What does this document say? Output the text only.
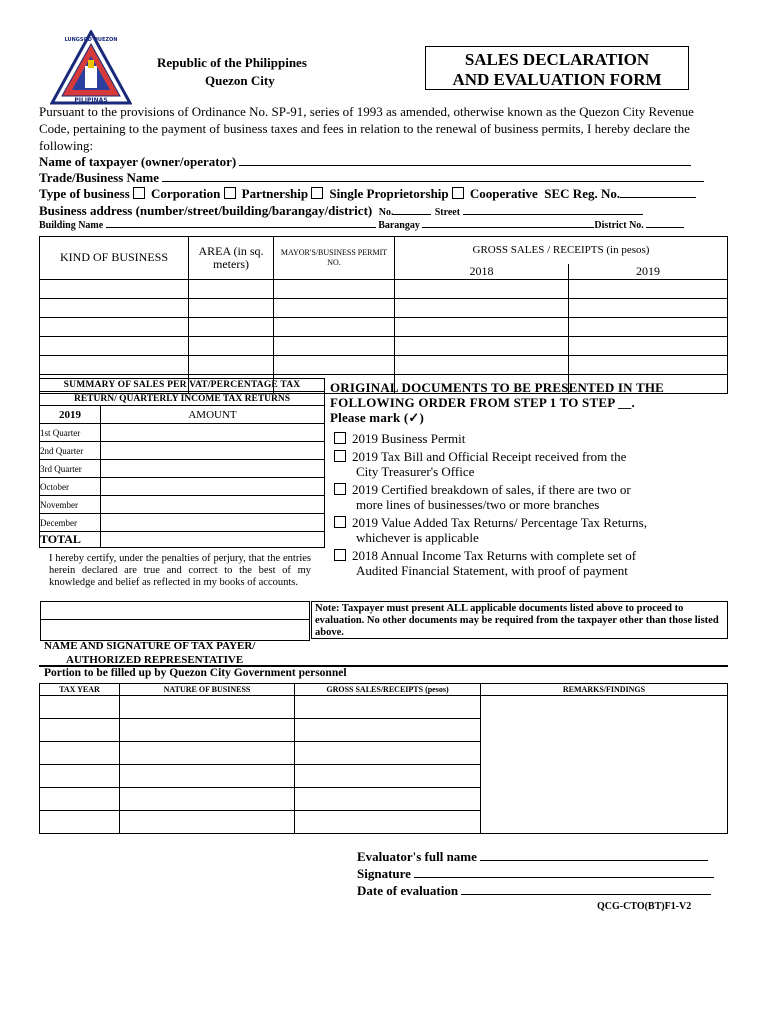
PILIPINAS
LUNGSOD QUEZON
Republic of the Philippines
Quezon City
SALES DECLARATION
AND EVALUATION FORM
Pursuant to the provisions of Ordinance No. SP-91, series of 1993 as amended, otherwise known as the Quezon City Revenue Code, pertaining to the payment of business taxes and fees in relation to the renewal of business permits, I hereby declare the following:
Name of taxpayer (owner/operator)
Trade/Business Name
Type of business Corporation Partnership Single Proprietorship Cooperative SEC Reg. No.
Business address (number/street/building/barangay/district) No.	Street
Building Name	Barangay	District No.
KIND OF BUSINESS	AREA (in sq. meters)	MAYOR'S/BUSINESS PERMIT NO.	GROSS SALES / RECEIPTS (in pesos)	
			2018	2019

SUMMARY OF SALES PER VAT/PERCENTAGE TAX	
RETURN/ QUARTERLY INCOME TAX RETURNS	
2019	AMOUNT
1st Quarter	
2nd Quarter	
3rd Quarter	
October	
November	
December	
TOTAL	
I hereby certify, under the penalties of perjury, that the entries herein declared are true and correct to the best of my knowledge and belief as reflected in my books of accounts.
ORIGINAL DOCUMENTS TO BE PRESENTED IN THE
FOLLOWING ORDER FROM STEP 1 TO STEP __.
Please mark (✓)
2019 Business Permit
2019 Tax Bill and Official Receipt received from the
City Treasurer's Office
2019 Certified breakdown of sales, if there are two or
more lines of businesses/two or more branches
2019 Value Added Tax Returns/ Percentage Tax Returns,
whichever is applicable
2018 Annual Income Tax Returns with complete set of
Audited Financial Statement, with proof of payment
Note: Taxpayer must present ALL applicable documents listed above to proceed to evaluation. No other documents may be required from the taxpayer other than those listed above.
NAME AND SIGNATURE OF TAX PAYER/
AUTHORIZED REPRESENTATIVE
Portion to be filled up by Quezon City Government personnel
TAX YEAR	NATURE OF BUSINESS	GROSS SALES/RECEIPTS (pesos)	REMARKS/FINDINGS

Evaluator's full name
Signature
Date of evaluation
QCG-CTO(BT)F1-V2
